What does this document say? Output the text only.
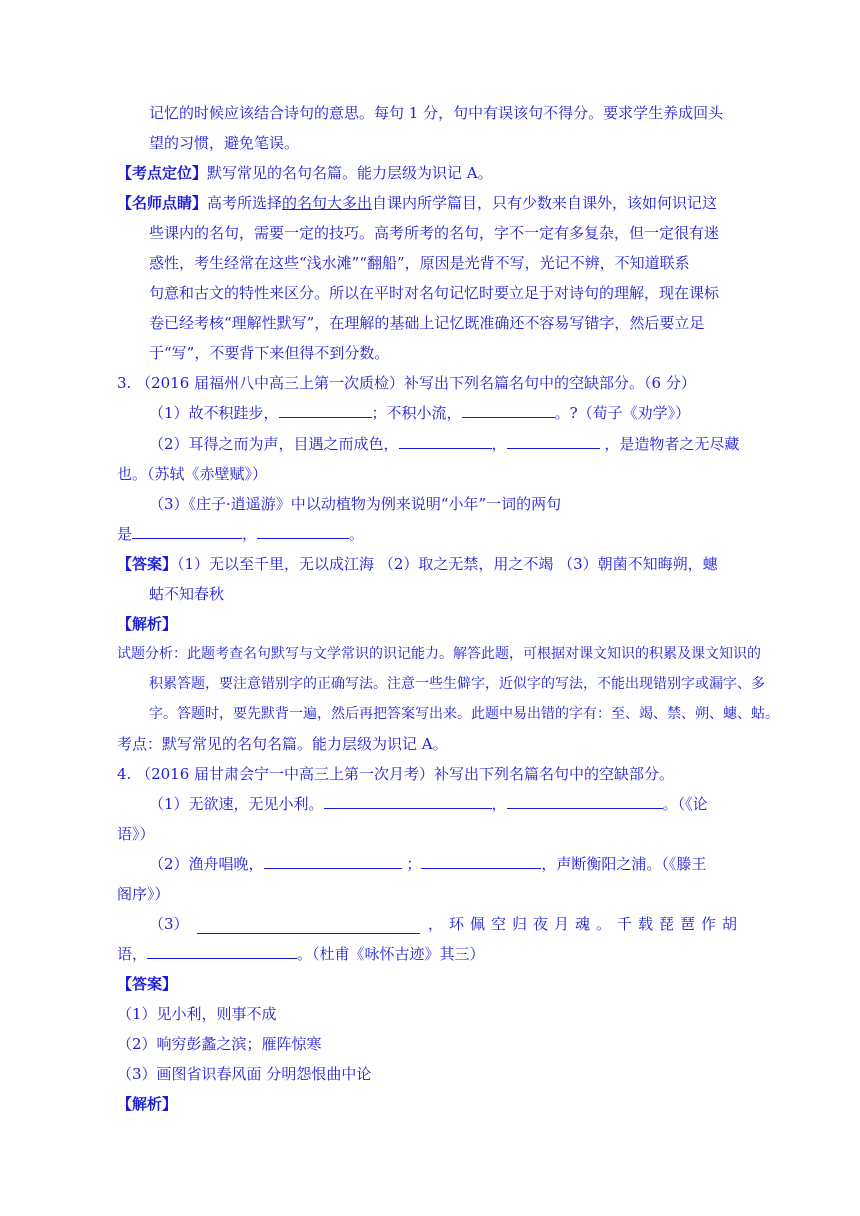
记忆的时候应该结合诗句的意思。每句 1 分，句中有误该句不得分。要求学生养成回头
望的习惯，避免笔误。
【考点定位】默写常见的名句名篇。能力层级为识记 A。
【名师点睛】高考所选择的名句大多出自课内所学篇目，只有少数来自课外，该如何识记这
些课内的名句，需要一定的技巧。高考所考的名句，字不一定有多复杂，但一定很有迷
惑性，考生经常在这些“浅水滩”“翻船”，原因是光背不写，光记不辨，不知道联系
句意和古文的特性来区分。所以在平时对名句记忆时要立足于对诗句的理解，现在课标
卷已经考核“理解性默写”，在理解的基础上记忆既准确还不容易写错字，然后要立足
于“写”，不要背下来但得不到分数。
3. （2016 届福州八中高三上第一次质检）补写出下列名篇名句中的空缺部分。（6 分）
（1）故不积跬步，	；不积小流，	。?（荀子《劝学》）
（2）耳得之而为声，目遇之而成色，	，	，是造物者之无尽藏
也。（苏轼《赤壁赋》）
（3）《庄子·逍遥游》中以动植物为例来说明“小年”一词的两句
是	，	。
【答案】（1）无以至千里，无以成江海 （2）取之无禁，用之不竭 （3）朝菌不知晦朔，蟪
蛄不知春秋
【解析】
试题分析：此题考查名句默写与文学常识的识记能力。解答此题，可根据对课文知识的积累及课文知识的
积累答题，要注意错别字的正确写法。注意一些生僻字，近似字的写法，不能出现错别字或漏字、多
字。答题时，要先默背一遍，然后再把答案写出来。此题中易出错的字有：至、竭、禁、朔、蟪、蛄。
考点：默写常见的名句名篇。能力层级为识记 A。
4. （2016 届甘肃会宁一中高三上第一次月考）补写出下列名篇名句中的空缺部分。
（1）无欲速，无见小利。	，	。（《论
语》）
（2）渔舟唱晚，	；	，声断衡阳之浦。（《滕王
阁序》）
（3）	，环佩空归夜月魂。千载琵琶作胡
语，	。（杜甫《咏怀古迹》其三）
【答案】
（1）见小利，则事不成
（2）响穷彭蠡之滨；雁阵惊寒
（3）画图省识春风面 分明怨恨曲中论
【解析】
